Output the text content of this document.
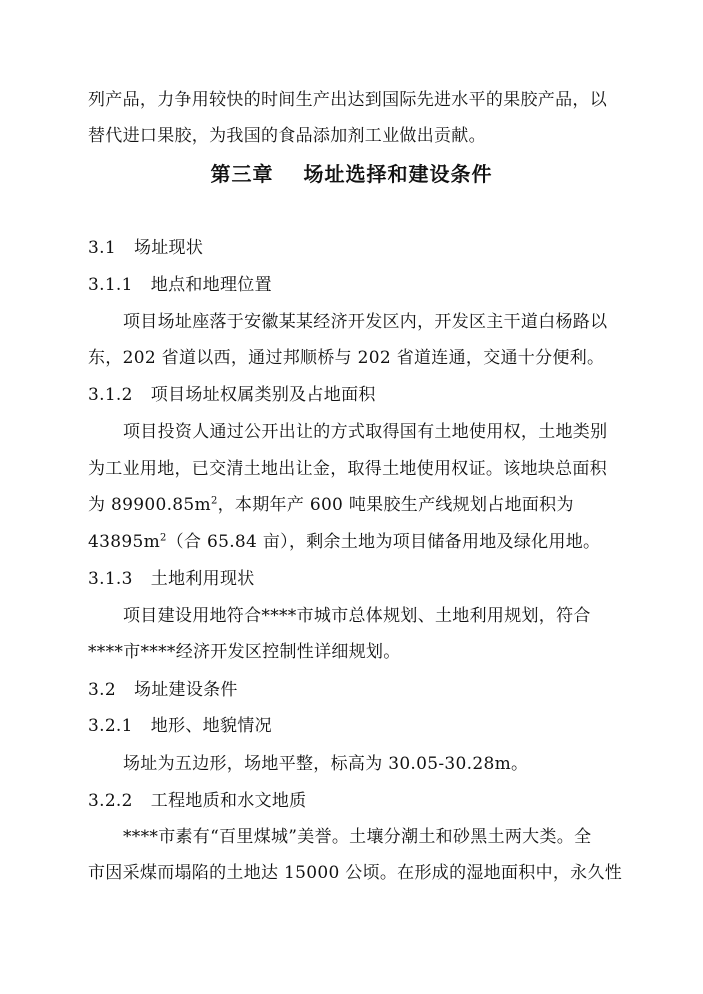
列产品，力争用较快的时间生产出达到国际先进水平的果胶产品，以
替代进口果胶，为我国的食品添加剂工业做出贡献。
第三章 场址选择和建设条件
3.1 场址现状
3.1.1 地点和地理位置
项目场址座落于安徽某某经济开发区内，开发区主干道白杨路以
东，202 省道以西，通过邦顺桥与 202 省道连通，交通十分便利。
3.1.2 项目场址权属类别及占地面积
项目投资人通过公开出让的方式取得国有土地使用权，土地类别
为工业用地，已交清土地出让金，取得土地使用权证。该地块总面积
为 $89900.85m^2$，本期年产 600 吨果胶生产线规划占地面积为
$43895m^2$（合 65.84 亩），剩余土地为项目储备用地及绿化用地。
3.1.3 土地利用现状
项目建设用地符合****市城市总体规划、土地利用规划，符合
****市****经济开发区控制性详细规划。
3.2 场址建设条件
3.2.1 地形、地貌情况
场址为五边形，场地平整，标高为 30.05-30.28m。
3.2.2 工程地质和水文地质
****市素有“百里煤城”美誉。土壤分潮土和砂黑土两大类。全
市因采煤而塌陷的土地达 15000 公顷。在形成的湿地面积中，永久性
